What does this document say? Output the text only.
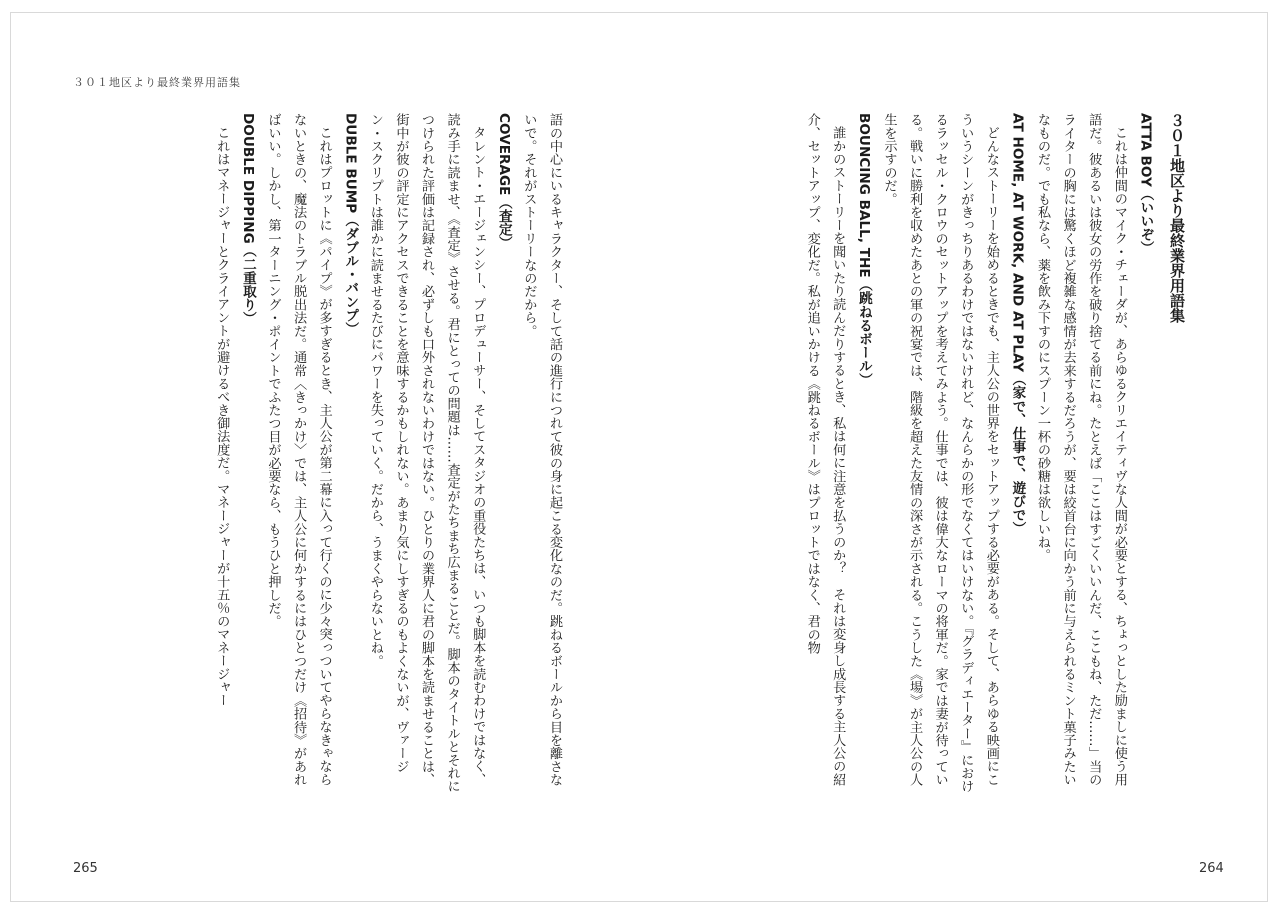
３０１地区より最終業界用語集

３０１地区より最終業界用語集

ATTA BOY（いいぞ）

これは仲間のマイク・チェーダが、あらゆるクリエイティヴな人間が必要とする、ちょっとした励ましに使う用語だ。彼あるいは彼女の労作を破り捨てる前にね。たとえば「ここはすごくいいんだ、ここもね、ただ……」当のライターの胸には驚くほど複雑な感情が去来するだろうが、要は絞首台に向かう前に与えられるミント菓子みたいなものだ。でも私なら、薬を飲み下すのにスプーン一杯の砂糖は欲しいね。

AT HOME, AT WORK, AND AT PLAY（家で、仕事で、遊びで）

どんなストーリーを始めるときでも、主人公の世界をセットアップする必要がある。そして、あらゆる映画にこういうシーンがきっちりあるわけではないけれど、なんらかの形でなくてはいけない。『グラディエーター』におけるラッセル・クロウのセットアップを考えてみよう。仕事では、彼は偉大なローマの将軍だ。家では妻が待っている。戦いに勝利を収めたあとの軍の祝宴では、階級を超えた友情の深さが示される。こうした《場》が主人公の人生を示すのだ。

BOUNCING BALL, THE（跳ねるボール）

誰かのストーリーを聞いたり読んだりするとき、私は何に注意を払うのか？　それは変身し成長する主人公の紹介、セットアップ、変化だ。私が追いかける《跳ねるボール》はプロットではなく、君の物

語の中心にいるキャラクター、そして話の進行につれて彼の身に起こる変化なのだ。跳ねるボールから目を離さないで。それがストーリーなのだから。

COVERAGE（査定）

タレント・エージェンシー、プロデューサー、そしてスタジオの重役たちは、いつも脚本を読むわけではなく、読み手に読ませ、《査定》させる。君にとっての問題は……査定がたちまち広まることだ。脚本のタイトルとそれにつけられた評価は記録され、必ずしも口外されないわけではない。ひとりの業界人に君の脚本を読ませることは、街中が彼の評定にアクセスできることを意味するかもしれない。あまり気にしすぎるのもよくないが、ヴァージン・スクリプトは誰かに読ませるたびにパワーを失っていく。だから、うまくやらないとね。

DUBLE BUMP（ダブル・バンプ）

これはプロットに《パイプ》が多すぎるとき、主人公が第二幕に入って行くのに少々突っついてやらなきゃならないときの、魔法のトラブル脱出法だ。通常〈きっかけ〉では、主人公に何かするにはひとつだけ《招待》があればいい。しかし、第一ターニング・ポイントでふたつ目が必要なら、もうひと押しだ。

DOUBLE DIPPING（二重取り）

これはマネージャーとクライアントが避けるべき御法度だ。マネージャーが十五％のマネージャー

265	264
